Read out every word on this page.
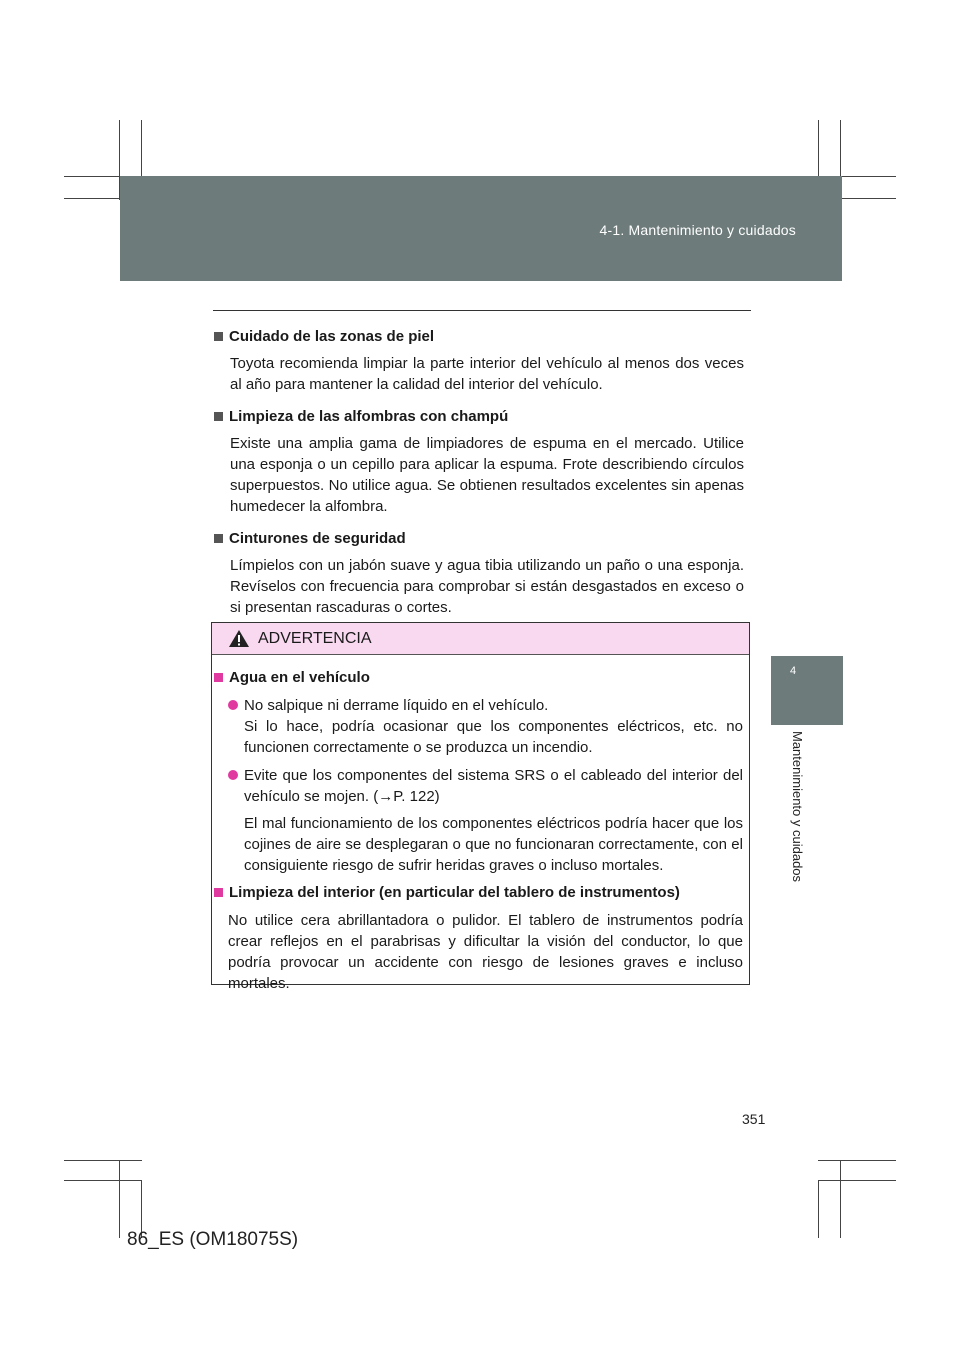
4-1. Mantenimiento y cuidados
4
Mantenimiento y cuidados
Cuidado de las zonas de piel
Toyota recomienda limpiar la parte interior del vehículo al menos dos veces al año para mantener la calidad del interior del vehículo.
Limpieza de las alfombras con champú
Existe una amplia gama de limpiadores de espuma en el mercado. Utilice una esponja o un cepillo para aplicar la espuma. Frote describiendo círculos superpuestos. No utilice agua. Se obtienen resultados excelentes sin apenas humedecer la alfombra.
Cinturones de seguridad
Límpielos con un jabón suave y agua tibia utilizando un paño o una esponja. Revíselos con frecuencia para comprobar si están desgastados en exceso o si presentan rascaduras o cortes.
ADVERTENCIA
Agua en el vehículo
No salpique ni derrame líquido en el vehículo.
Si lo hace, podría ocasionar que los componentes eléctricos, etc. no funcionen correctamente o se produzca un incendio.
Evite que los componentes del sistema SRS o el cableado del interior del vehículo se mojen. (→P. 122)
El mal funcionamiento de los componentes eléctricos podría hacer que los cojines de aire se desplegaran o que no funcionaran correctamente, con el consiguiente riesgo de sufrir heridas graves o incluso mortales.
Limpieza del interior (en particular del tablero de instrumentos)
No utilice cera abrillantadora o pulidor. El tablero de instrumentos podría crear reflejos en el parabrisas y dificultar la visión del conductor, lo que podría provocar un accidente con riesgo de lesiones graves e incluso mortales.
351
86_ES (OM18075S)
